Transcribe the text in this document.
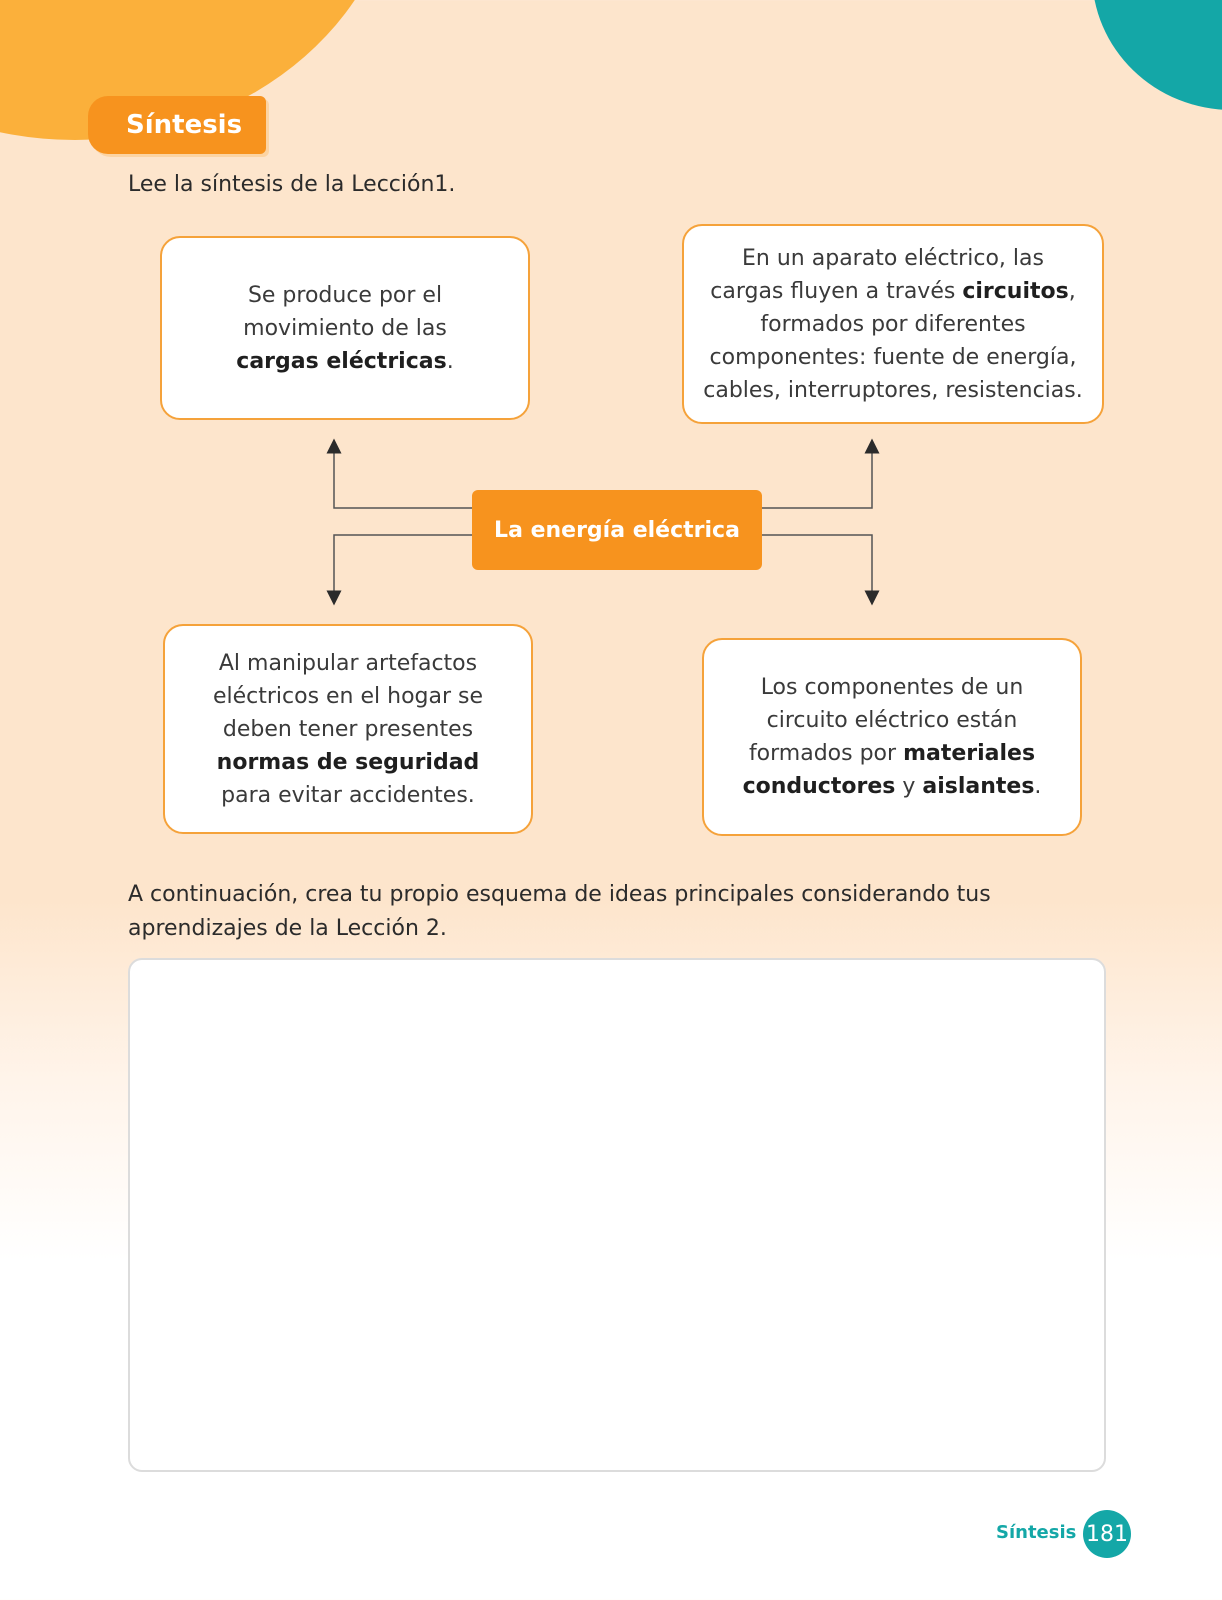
Síntesis
Lee la síntesis de la Lección1.
Se produce por el
movimiento de las
cargas eléctricas.
En un aparato eléctrico, las
cargas fluyen a través circuitos,
formados por diferentes
componentes: fuente de energía,
cables, interruptores, resistencias.
La energía eléctrica
Al manipular artefactos
eléctricos en el hogar se
deben tener presentes
normas de seguridad
para evitar accidentes.
Los componentes de un
circuito eléctrico están
formados por materiales
conductores y aislantes.
A continuación, crea tu propio esquema de ideas principales considerando tus aprendizajes de la Lección 2.
Síntesis 181
